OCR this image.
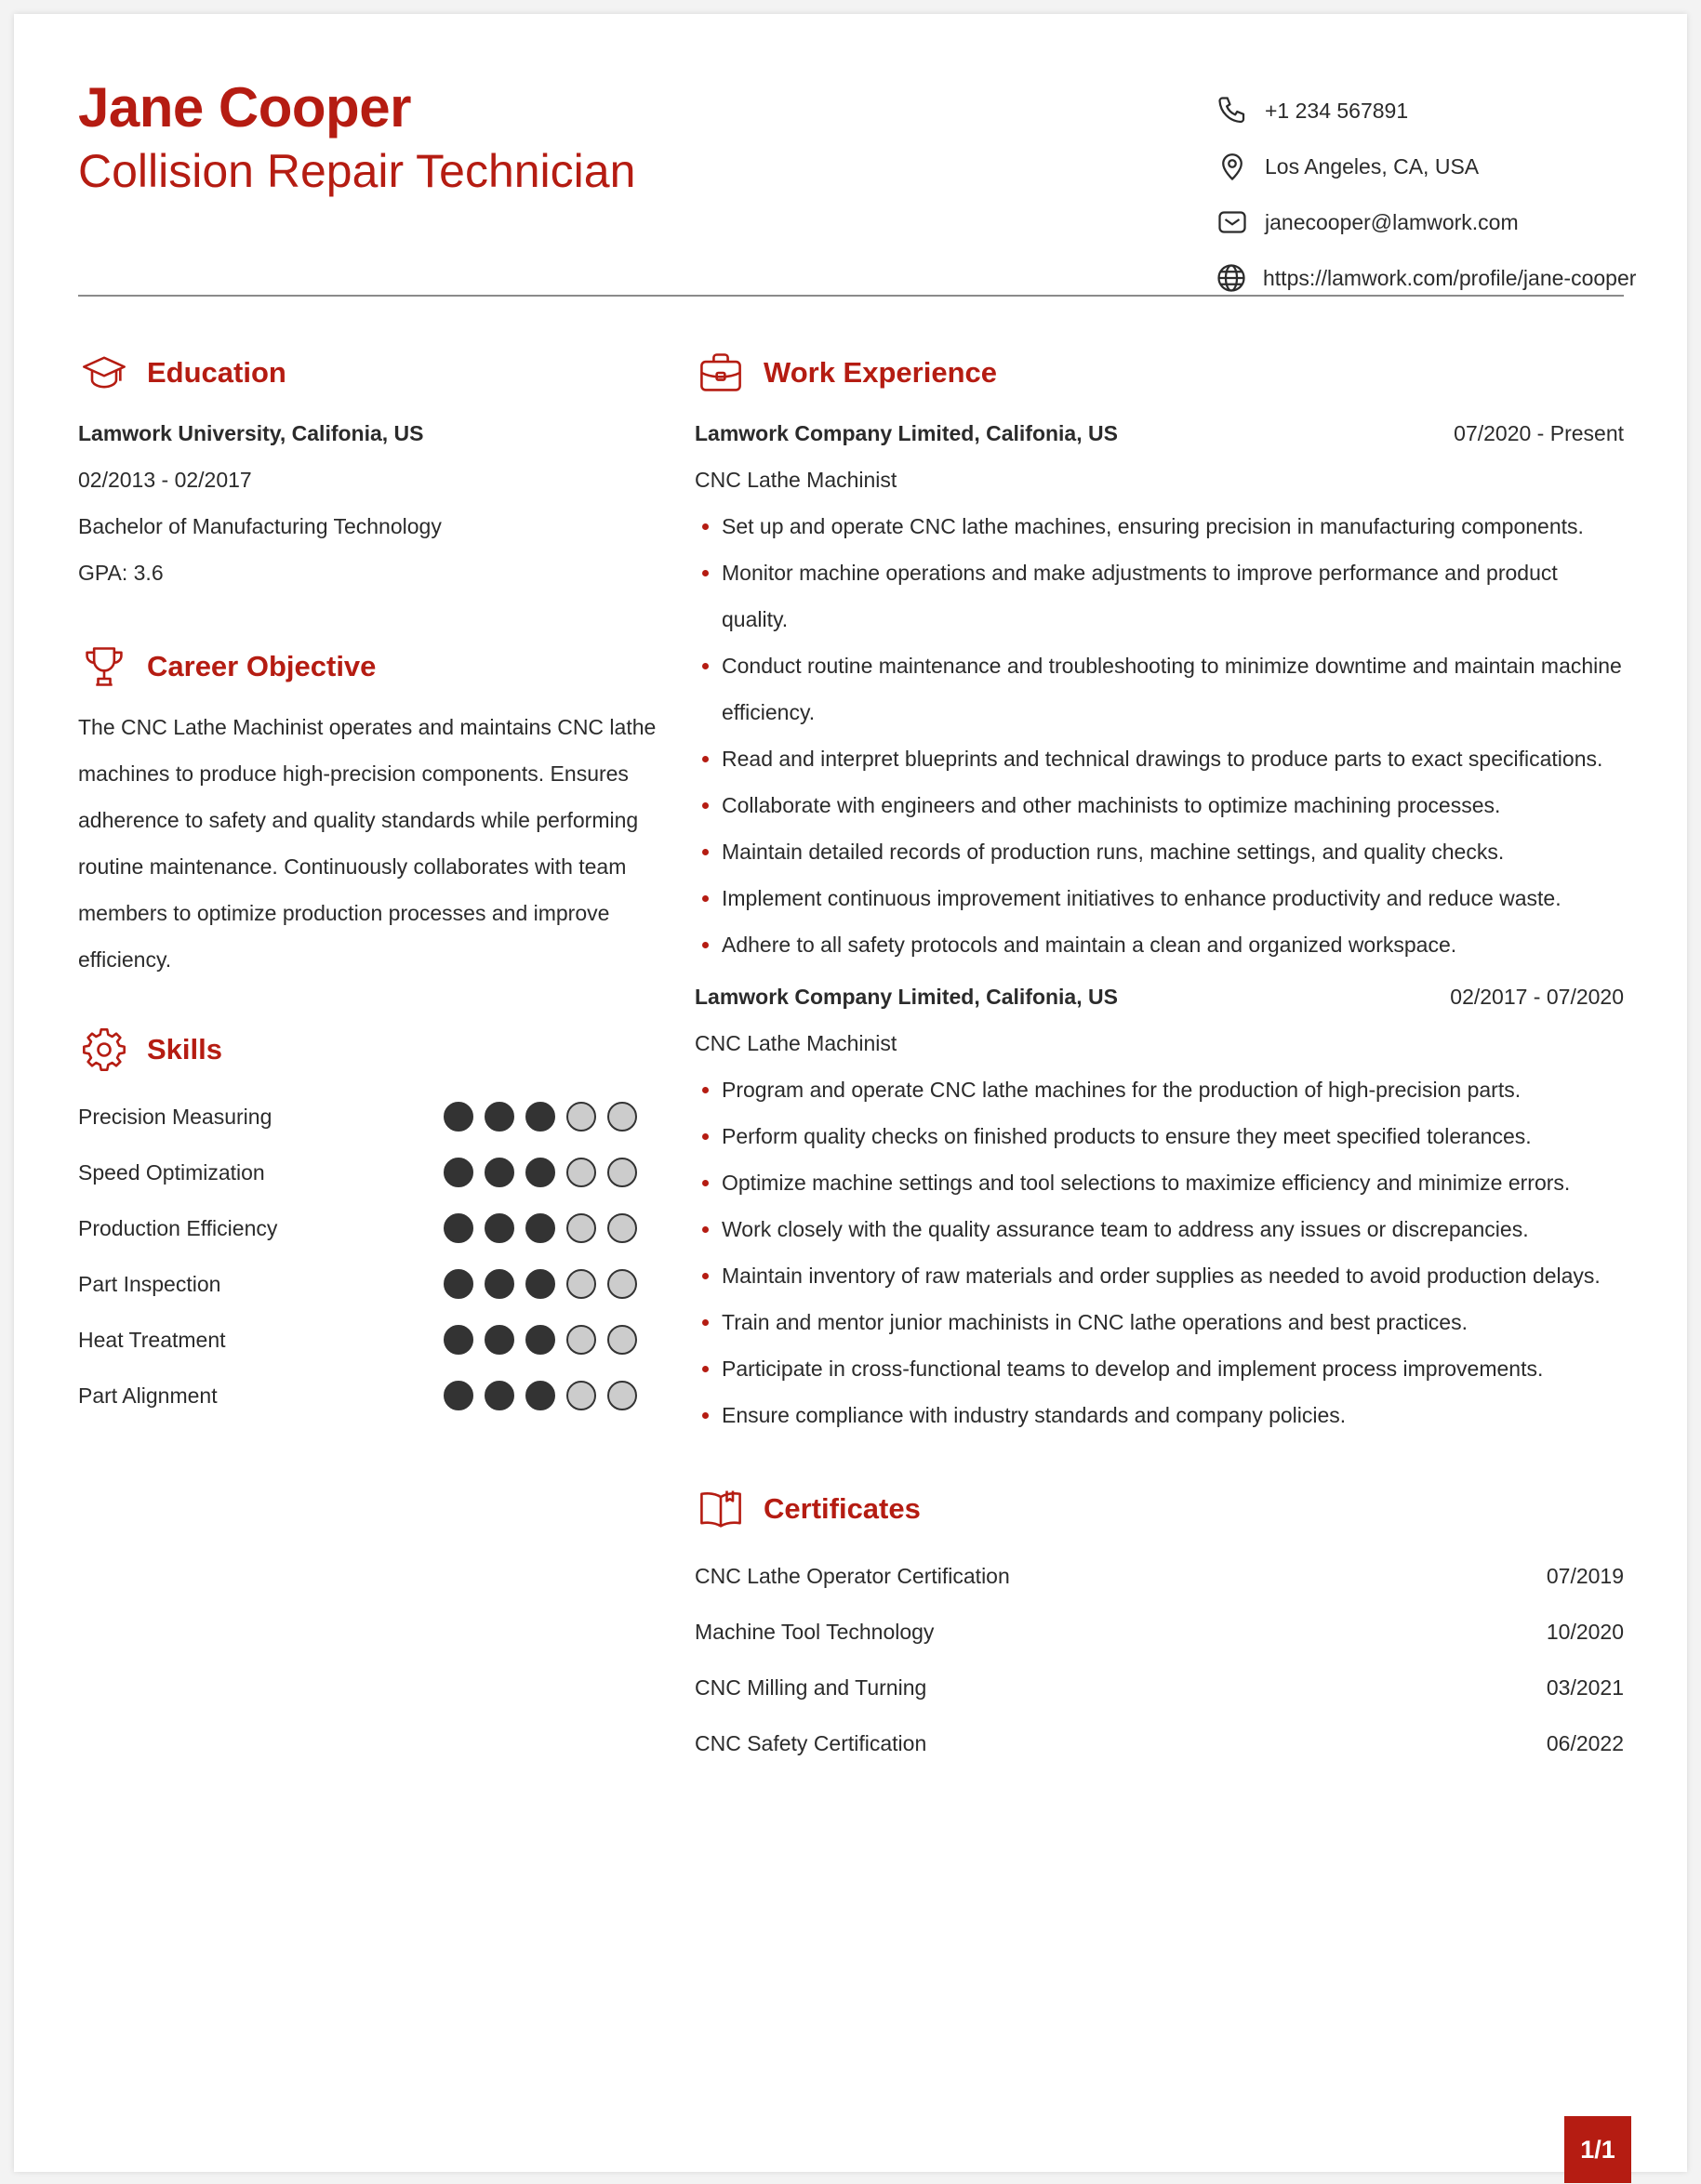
Jane Cooper
Collision Repair Technician
+1 234 567891
Los Angeles, CA, USA
janecooper@lamwork.com
https://lamwork.com/profile/jane-cooper
Education
Lamwork University, Califonia, US
02/2013 - 02/2017
Bachelor of Manufacturing Technology
GPA: 3.6
Career Objective
The CNC Lathe Machinist operates and maintains CNC lathe
machines to produce high-precision components. Ensures
adherence to safety and quality standards while performing
routine maintenance. Continuously collaborates with team
members to optimize production processes and improve
efficiency.
Skills
Precision Measuring
Speed Optimization
Production Efficiency
Part Inspection
Heat Treatment
Part Alignment
Work Experience
Lamwork Company Limited, Califonia, US	07/2020 - Present
CNC Lathe Machinist
Set up and operate CNC lathe machines, ensuring precision in manufacturing components.
Monitor machine operations and make adjustments to improve performance and product quality.
Conduct routine maintenance and troubleshooting to minimize downtime and maintain machine
efficiency.
Read and interpret blueprints and technical drawings to produce parts to exact specifications.
Collaborate with engineers and other machinists to optimize machining processes.
Maintain detailed records of production runs, machine settings, and quality checks.
Implement continuous improvement initiatives to enhance productivity and reduce waste.
Adhere to all safety protocols and maintain a clean and organized workspace.
Lamwork Company Limited, Califonia, US	02/2017 - 07/2020
CNC Lathe Machinist
Program and operate CNC lathe machines for the production of high-precision parts.
Perform quality checks on finished products to ensure they meet specified tolerances.
Optimize machine settings and tool selections to maximize efficiency and minimize errors.
Work closely with the quality assurance team to address any issues or discrepancies.
Maintain inventory of raw materials and order supplies as needed to avoid production delays.
Train and mentor junior machinists in CNC lathe operations and best practices.
Participate in cross-functional teams to develop and implement process improvements.
Ensure compliance with industry standards and company policies.
Certificates
CNC Lathe Operator Certification	07/2019
Machine Tool Technology	10/2020
CNC Milling and Turning	03/2021
CNC Safety Certification	06/2022
1/1
